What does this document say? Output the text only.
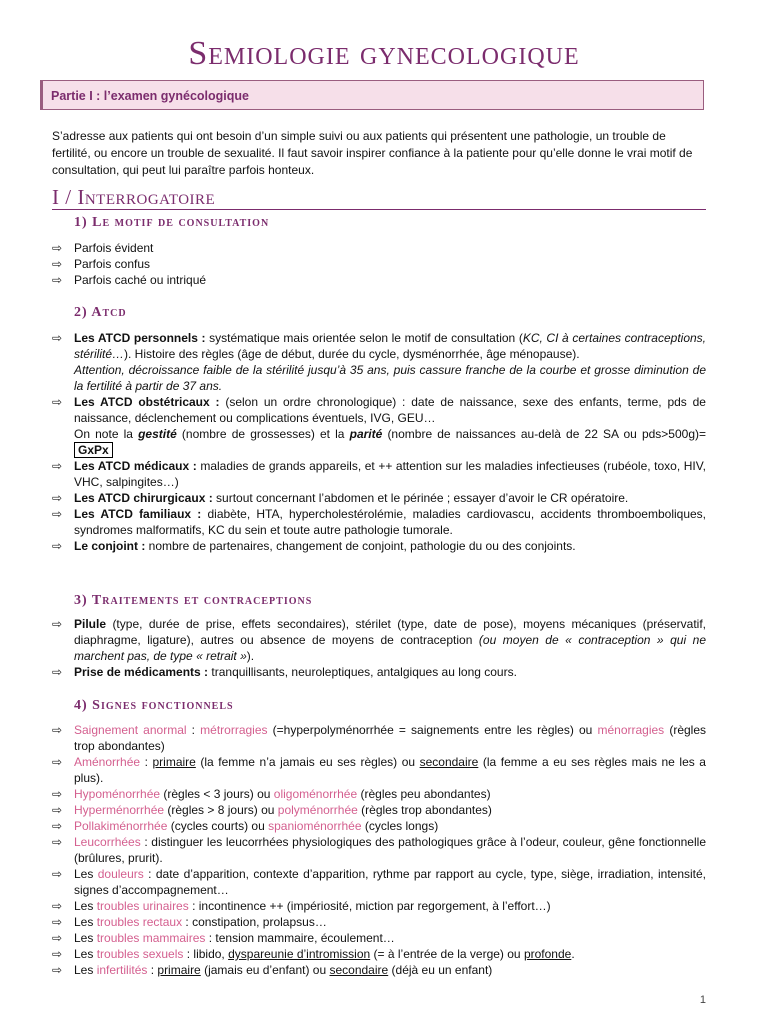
Semiologie gynecologique
Partie I : l’examen gynécologique
S’adresse aux patients qui ont besoin d’un simple suivi ou aux patients qui présentent une pathologie, un trouble de fertilité, ou encore un trouble de sexualité. Il faut savoir inspirer confiance à la patiente pour qu’elle donne le vrai motif de consultation, qui peut lui paraître parfois honteux.
I / Interrogatoire
1) Le motif de consultation
⇨ Parfois évident
⇨ Parfois confus
⇨ Parfois caché ou intriqué
2) Atcd
⇨ Les ATCD personnels : systématique mais orientée selon le motif de consultation (KC, CI à certaines contraceptions, stérilité…). Histoire des règles (âge de début, durée du cycle, dysménorrhée, âge ménopause).
Attention, décroissance faible de la stérilité jusqu’à 35 ans, puis cassure franche de la courbe et grosse diminution de la fertilité à partir de 37 ans.
⇨ Les ATCD obstétricaux : (selon un ordre chronologique) : date de naissance, sexe des enfants, terme, pds de naissance, déclenchement ou complications éventuels, IVG, GEU…
On note la gestité (nombre de grossesses) et la parité (nombre de naissances au-delà de 22 SA ou pds>500g)= GxPx
⇨ Les ATCD médicaux : maladies de grands appareils, et ++ attention sur les maladies infectieuses (rubéole, toxo, HIV, VHC, salpingites…)
⇨ Les ATCD chirurgicaux : surtout concernant l’abdomen et le périnée ; essayer d’avoir le CR opératoire.
⇨ Les ATCD familiaux : diabète, HTA, hypercholestérolémie, maladies cardiovascu, accidents thromboemboliques, syndromes malformatifs, KC du sein et toute autre pathologie tumorale.
⇨ Le conjoint : nombre de partenaires, changement de conjoint, pathologie du ou des conjoints.
3) Traitements et contraceptions
⇨ Pilule (type, durée de prise, effets secondaires), stérilet (type, date de pose), moyens mécaniques (préservatif, diaphragme, ligature), autres ou absence de moyens de contraception (ou moyen de « contraception » qui ne marchent pas, de type « retrait »).
⇨ Prise de médicaments : tranquillisants, neuroleptiques, antalgiques au long cours.
4) Signes fonctionnels
⇨ Saignement anormal : métrorragies (=hyperpolyménorrhée = saignements entre les règles) ou ménorragies (règles trop abondantes)
⇨ Aménorrhée : primaire (la femme n’a jamais eu ses règles) ou secondaire (la femme a eu ses règles mais ne les a plus).
⇨ Hypoménorrhée (règles < 3 jours) ou oligoménorrhée (règles peu abondantes)
⇨ Hyperménorrhée (règles > 8 jours) ou polyménorrhée (règles trop abondantes)
⇨ Pollakiménorrhée (cycles courts) ou spanioménorrhée (cycles longs)
⇨ Leucorrhées : distinguer les leucorrhées physiologiques des pathologiques grâce à l’odeur, couleur, gêne fonctionnelle (brûlures, prurit).
⇨ Les douleurs : date d’apparition, contexte d’apparition, rythme par rapport au cycle, type, siège, irradiation, intensité, signes d’accompagnement…
⇨ Les troubles urinaires : incontinence ++ (impériosité, miction par regorgement, à l’effort…)
⇨ Les troubles rectaux : constipation, prolapsus…
⇨ Les troubles mammaires : tension mammaire, écoulement…
⇨ Les troubles sexuels : libido, dyspareunie d’intromission (= à l’entrée de la verge) ou profonde.
⇨ Les infertilités : primaire (jamais eu d’enfant) ou secondaire (déjà eu un enfant)
1
